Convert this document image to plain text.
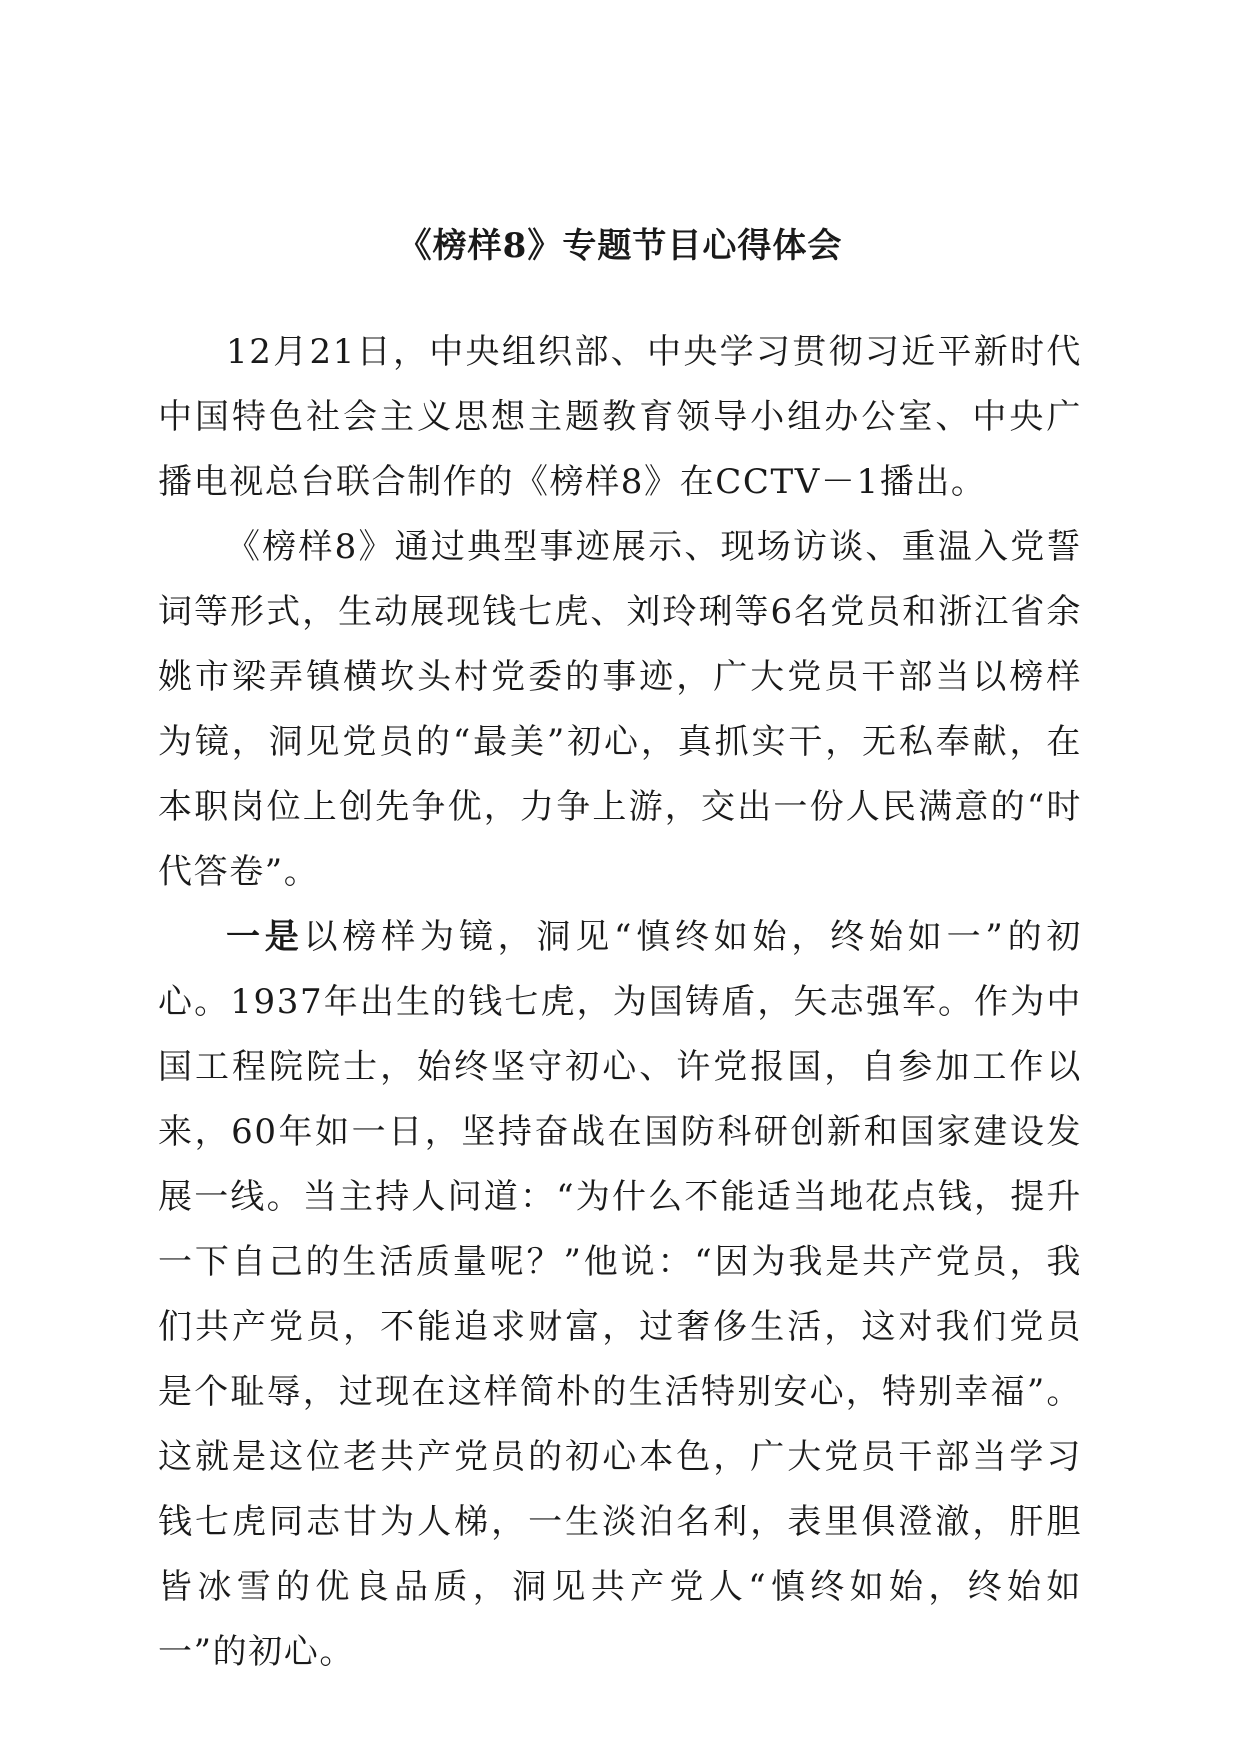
《榜样8》专题节目心得体会

12月21日，中央组织部、中央学习贯彻习近平新时代中国特色社会主义思想主题教育领导小组办公室、中央广播电视总台联合制作的《榜样8》在CCTV－1播出。

《榜样8》通过典型事迹展示、现场访谈、重温入党誓词等形式，生动展现钱七虎、刘玲琍等6名党员和浙江省余姚市梁弄镇横坎头村党委的事迹，广大党员干部当以榜样为镜，洞见党员的“最美”初心，真抓实干，无私奉献，在本职岗位上创先争优，力争上游，交出一份人民满意的“时代答卷”。

一是以榜样为镜，洞见“慎终如始，终始如一”的初心。1937年出生的钱七虎，为国铸盾，矢志强军。作为中国工程院院士，始终坚守初心、许党报国，自参加工作以来，60年如一日，坚持奋战在国防科研创新和国家建设发展一线。当主持人问道：“为什么不能适当地花点钱，提升一下自己的生活质量呢？”他说：“因为我是共产党员，我们共产党员，不能追求财富，过奢侈生活，这对我们党员是个耻辱，过现在这样简朴的生活特别安心，特别幸福”。这就是这位老共产党员的初心本色，广大党员干部当学习钱七虎同志甘为人梯，一生淡泊名利，表里俱澄澈，肝胆皆冰雪的优良品质，洞见共产党人“慎终如始，终始如一”的初心。
